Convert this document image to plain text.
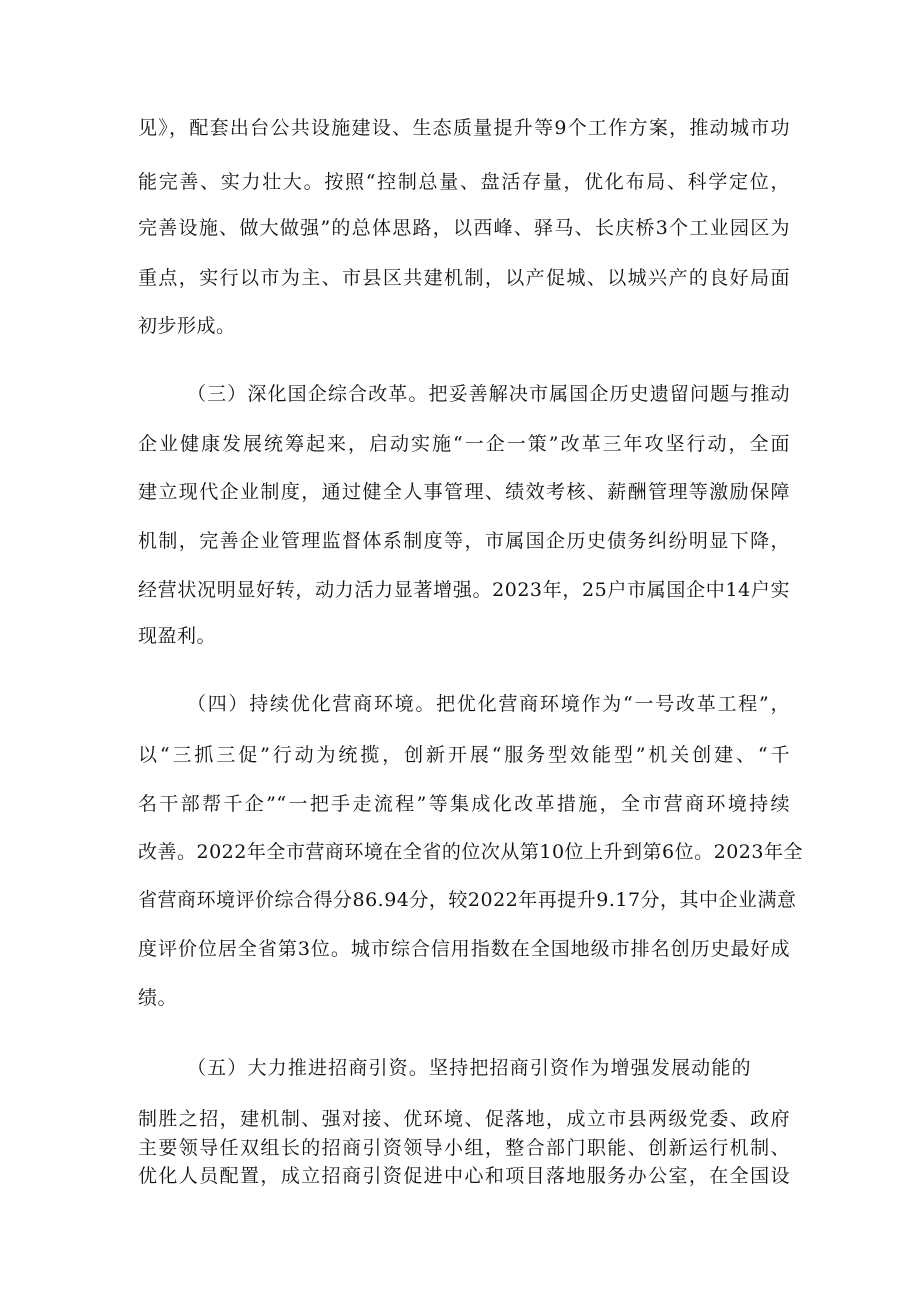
见》，配套出台公共设施建设、生态质量提升等9个工作方案，推动城市功
能完善、实力壮大。按照“控制总量、盘活存量，优化布局、科学定位，
完善设施、做大做强”的总体思路，以西峰、驿马、长庆桥3个工业园区为
重点，实行以市为主、市县区共建机制，以产促城、以城兴产的良好局面
初步形成。
（三）深化国企综合改革。把妥善解决市属国企历史遗留问题与推动
企业健康发展统筹起来，启动实施“一企一策”改革三年攻坚行动，全面
建立现代企业制度，通过健全人事管理、绩效考核、薪酬管理等激励保障
机制，完善企业管理监督体系制度等，市属国企历史债务纠纷明显下降，
经营状况明显好转，动力活力显著增强。2023年，25户市属国企中14户实
现盈利。
（四）持续优化营商环境。把优化营商环境作为“一号改革工程”，
以“三抓三促”行动为统揽，创新开展“服务型效能型”机关创建、“千
名干部帮千企”“一把手走流程”等集成化改革措施，全市营商环境持续
改善。2022年全市营商环境在全省的位次从第10位上升到第6位。2023年全
省营商环境评价综合得分86.94分，较2022年再提升9.17分，其中企业满意
度评价位居全省第3位。城市综合信用指数在全国地级市排名创历史最好成
绩。
（五）大力推进招商引资。坚持把招商引资作为增强发展动能的
制胜之招，建机制、强对接、优环境、促落地，成立市县两级党委、政府
主要领导任双组长的招商引资领导小组，整合部门职能、创新运行机制、
优化人员配置，成立招商引资促进中心和项目落地服务办公室，在全国设
